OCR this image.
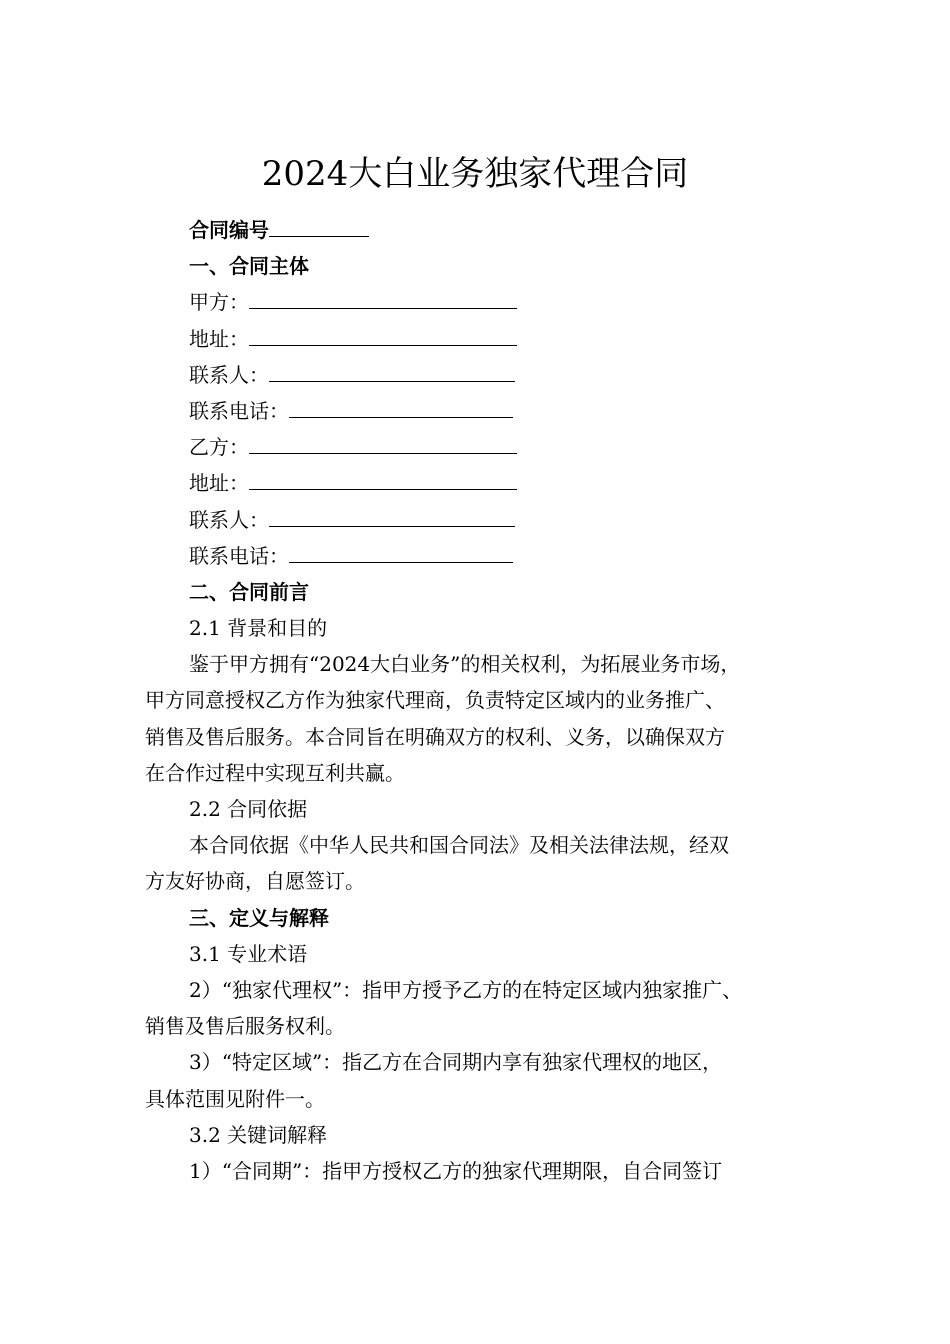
2024大白业务独家代理合同
合同编号
一、合同主体
甲方：
地址：
联系人：
联系电话：
乙方：
地址：
联系人：
联系电话：
二、合同前言
2.1 背景和目的
鉴于甲方拥有“2024大白业务”的相关权利，为拓展业务市场，
甲方同意授权乙方作为独家代理商，负责特定区域内的业务推广、
销售及售后服务。本合同旨在明确双方的权利、义务，以确保双方
在合作过程中实现互利共赢。
2.2 合同依据
本合同依据《中华人民共和国合同法》及相关法律法规，经双
方友好协商，自愿签订。
三、定义与解释
3.1 专业术语
2）“独家代理权”：指甲方授予乙方的在特定区域内独家推广、
销售及售后服务权利。
3）“特定区域”：指乙方在合同期内享有独家代理权的地区，
具体范围见附件一。
3.2 关键词解释
1）“合同期”：指甲方授权乙方的独家代理期限，自合同签订
